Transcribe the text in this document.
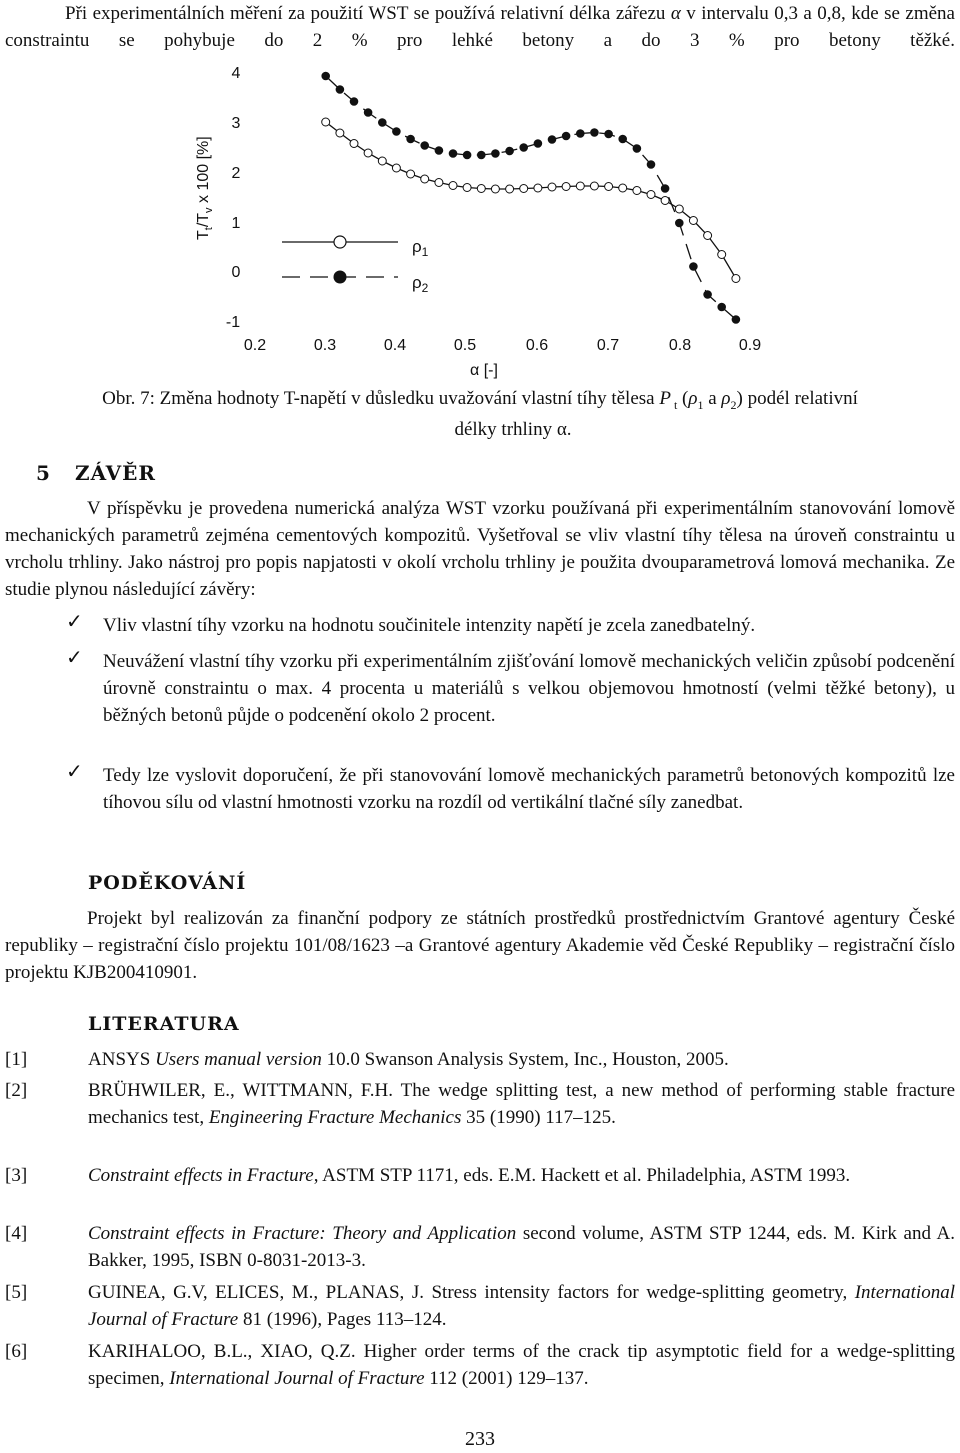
Při experimentálních měření za použití WST se používá relativní délka zářezu α v intervalu 0,3 a 0,8, kde se změna constraintu se pohybuje do 2 % pro lehké betony a do 3 % pro betony těžké.
4
3
2
1
0
-1
0.2	0.3	0.4	0.5	0.6	0.7	0.8	0.9
$T_t/T_v$ x 100 [%]
α [-]
$\rho_1$
$\rho_2$
Obr. 7: Změna hodnoty T-napětí v důsledku uvažování vlastní tíhy tělesa P $_t$ ($\rho_1$ a $\rho_2$) podél relativní
délky trhliny α.
5 ZÁVĚR
V příspěvku je provedena numerická analýza WST vzorku používaná při experimentálním stanovování lomově mechanických parametrů zejména cementových kompozitů. Vyšetřoval se vliv vlastní tíhy tělesa na úroveň constraintu u vrcholu trhliny. Jako nástroj pro popis napjatosti v okolí vrcholu trhliny je použita dvouparametrová lomová mechanika. Ze studie plynou následující závěry:
✓ Vliv vlastní tíhy vzorku na hodnotu součinitele intenzity napětí je zcela zanedbatelný.
✓ Neuvážení vlastní tíhy vzorku při experimentálním zjišťování lomově mechanických veličin způsobí podcenění úrovně constraintu o max. 4 procenta u materiálů s velkou objemovou hmotností (velmi těžké betony), u běžných betonů půjde o podcenění okolo 2 procent.
✓ Tedy lze vyslovit doporučení, že při stanovování lomově mechanických parametrů betonových kompozitů lze tíhovou sílu od vlastní hmotnosti vzorku na rozdíl od vertikální tlačné síly zanedbat.
PODĚKOVÁNÍ
Projekt byl realizován za finanční podpory ze státních prostředků prostřednictvím Grantové agentury České republiky – registrační číslo projektu 101/08/1623 –a Grantové agentury Akademie věd České Republiky – registrační číslo projektu KJB200410901.
LITERATURA
[1]	ANSYS Users manual version 10.0 Swanson Analysis System, Inc., Houston, 2005.
[2]	BRÜHWILER, E., WITTMANN, F.H. The wedge splitting test, a new method of performing stable fracture mechanics test, Engineering Fracture Mechanics 35 (1990) 117–125.
[3]	Constraint effects in Fracture, ASTM STP 1171, eds. E.M. Hackett et al. Philadelphia, ASTM 1993.
[4]	Constraint effects in Fracture: Theory and Application second volume, ASTM STP 1244, eds. M. Kirk and A. Bakker, 1995, ISBN 0-8031-2013-3.
[5]	GUINEA, G.V, ELICES, M., PLANAS, J. Stress intensity factors for wedge-splitting geometry, International Journal of Fracture 81 (1996), Pages 113–124.
[6]	KARIHALOO, B.L., XIAO, Q.Z. Higher order terms of the crack tip asymptotic field for a wedge-splitting specimen, International Journal of Fracture 112 (2001) 129–137.
233
